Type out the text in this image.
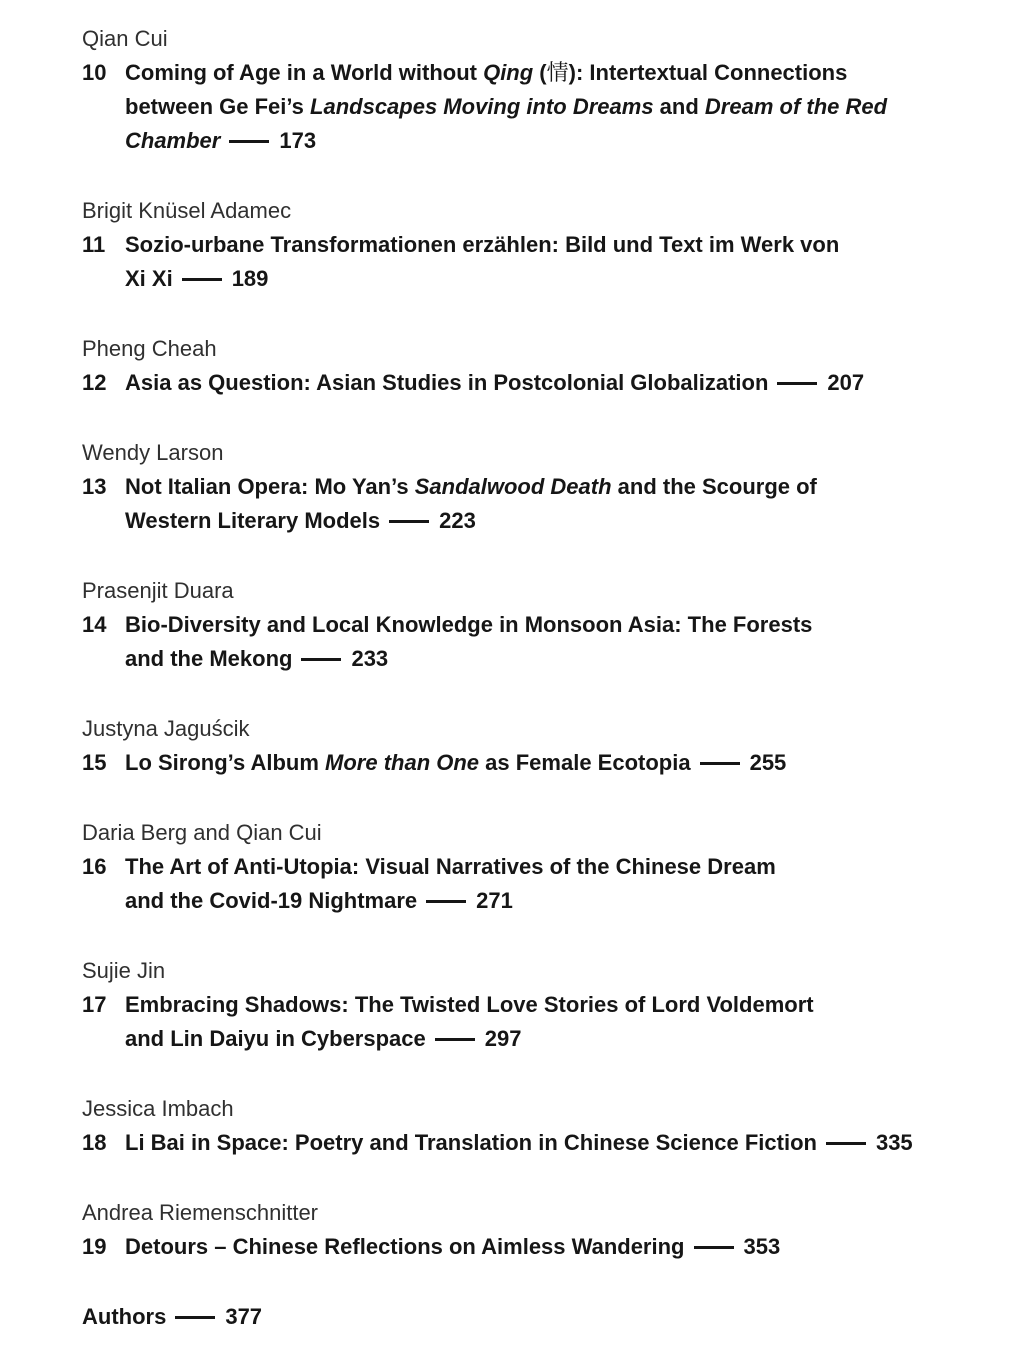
Qian Cui
10 Coming of Age in a World without Qing (情): Intertextual Connections
between Ge Fei’s Landscapes Moving into Dreams and Dream of the Red
Chamber	173
Brigit Knüsel Adamec
11 Sozio-urbane Transformationen erzählen: Bild und Text im Werk von
Xi Xi	189
Pheng Cheah
12 Asia as Question: Asian Studies in Postcolonial Globalization	207
Wendy Larson
13 Not Italian Opera: Mo Yan’s Sandalwood Death and the Scourge of
Western Literary Models	223
Prasenjit Duara
14 Bio-Diversity and Local Knowledge in Monsoon Asia: The Forests
and the Mekong	233
Justyna Jaguścik
15 Lo Sirong’s Album More than One as Female Ecotopia	255
Daria Berg and Qian Cui
16 The Art of Anti-Utopia: Visual Narratives of the Chinese Dream
and the Covid-19 Nightmare	271
Sujie Jin
17 Embracing Shadows: The Twisted Love Stories of Lord Voldemort
and Lin Daiyu in Cyberspace	297
Jessica Imbach
18 Li Bai in Space: Poetry and Translation in Chinese Science Fiction	335
Andrea Riemenschnitter
19 Detours – Chinese Reflections on Aimless Wandering	353
Authors	377
